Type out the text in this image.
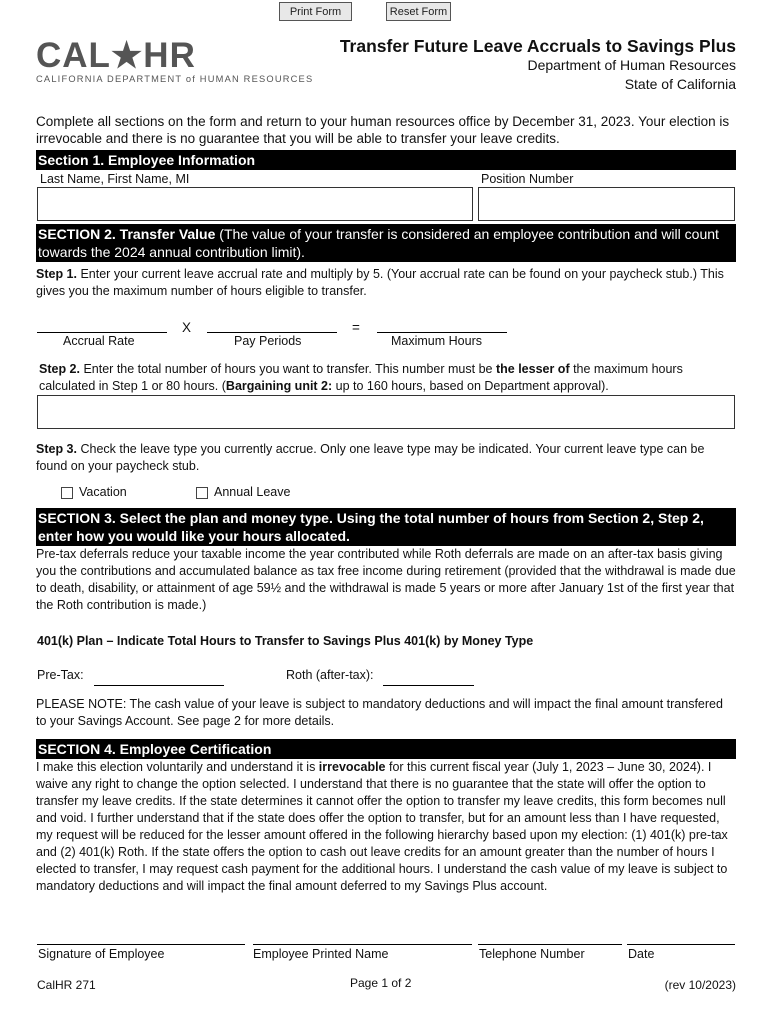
Print Form	Reset Form
CAL★HR
CALIFORNIA DEPARTMENT of HUMAN RESOURCES
Transfer Future Leave Accruals to Savings Plus
Department of Human Resources
State of California
Complete all sections on the form and return to your human resources office by December 31, 2023. Your election is irrevocable and there is no guarantee that you will be able to transfer your leave credits.
Section 1. Employee Information
Last Name, First Name, MI	Position Number
SECTION 2. Transfer Value (The value of your transfer is considered an employee contribution and will count towards the 2024 annual contribution limit).
Step 1. Enter your current leave accrual rate and multiply by 5. (Your accrual rate can be found on your paycheck stub.) This gives you the maximum number of hours eligible to transfer.
X	=
Accrual Rate	Pay Periods	Maximum Hours
Step 2. Enter the total number of hours you want to transfer. This number must be the lesser of the maximum hours calculated in Step 1 or 80 hours. (Bargaining unit 2: up to 160 hours, based on Department approval).
Step 3. Check the leave type you currently accrue. Only one leave type may be indicated. Your current leave type can be found on your paycheck stub.
Vacation	Annual Leave
SECTION 3. Select the plan and money type. Using the total number of hours from Section 2, Step 2, enter how you would like your hours allocated.
Pre-tax deferrals reduce your taxable income the year contributed while Roth deferrals are made on an after-tax basis giving you the contributions and accumulated balance as tax free income during retirement (provided that the withdrawal is made due to death, disability, or attainment of age 59½ and the withdrawal is made 5 years or more after January 1st of the first year that the Roth contribution is made.)
401(k) Plan – Indicate Total Hours to Transfer to Savings Plus 401(k) by Money Type
Pre-Tax:	Roth (after-tax):
PLEASE NOTE: The cash value of your leave is subject to mandatory deductions and will impact the final amount transfered to your Savings Account. See page 2 for more details.
SECTION 4. Employee Certification
I make this election voluntarily and understand it is irrevocable for this current fiscal year (July 1, 2023 – June 30, 2024). I waive any right to change the option selected. I understand that there is no guarantee that the state will offer the option to transfer my leave credits. If the state determines it cannot offer the option to transfer my leave credits, this form becomes null and void. I further understand that if the state does offer the option to transfer, but for an amount less than I have requested, my request will be reduced for the lesser amount offered in the following hierarchy based upon my election: (1) 401(k) pre-tax and (2) 401(k) Roth. If the state offers the option to cash out leave credits for an amount greater than the number of hours I elected to transfer, I may request cash payment for the additional hours. I understand the cash value of my leave is subject to mandatory deductions and will impact the final amount deferred to my Savings Plus account.
Signature of Employee	Employee Printed Name	Telephone Number	Date
CalHR 271	Page 1 of 2	(rev 10/2023)
